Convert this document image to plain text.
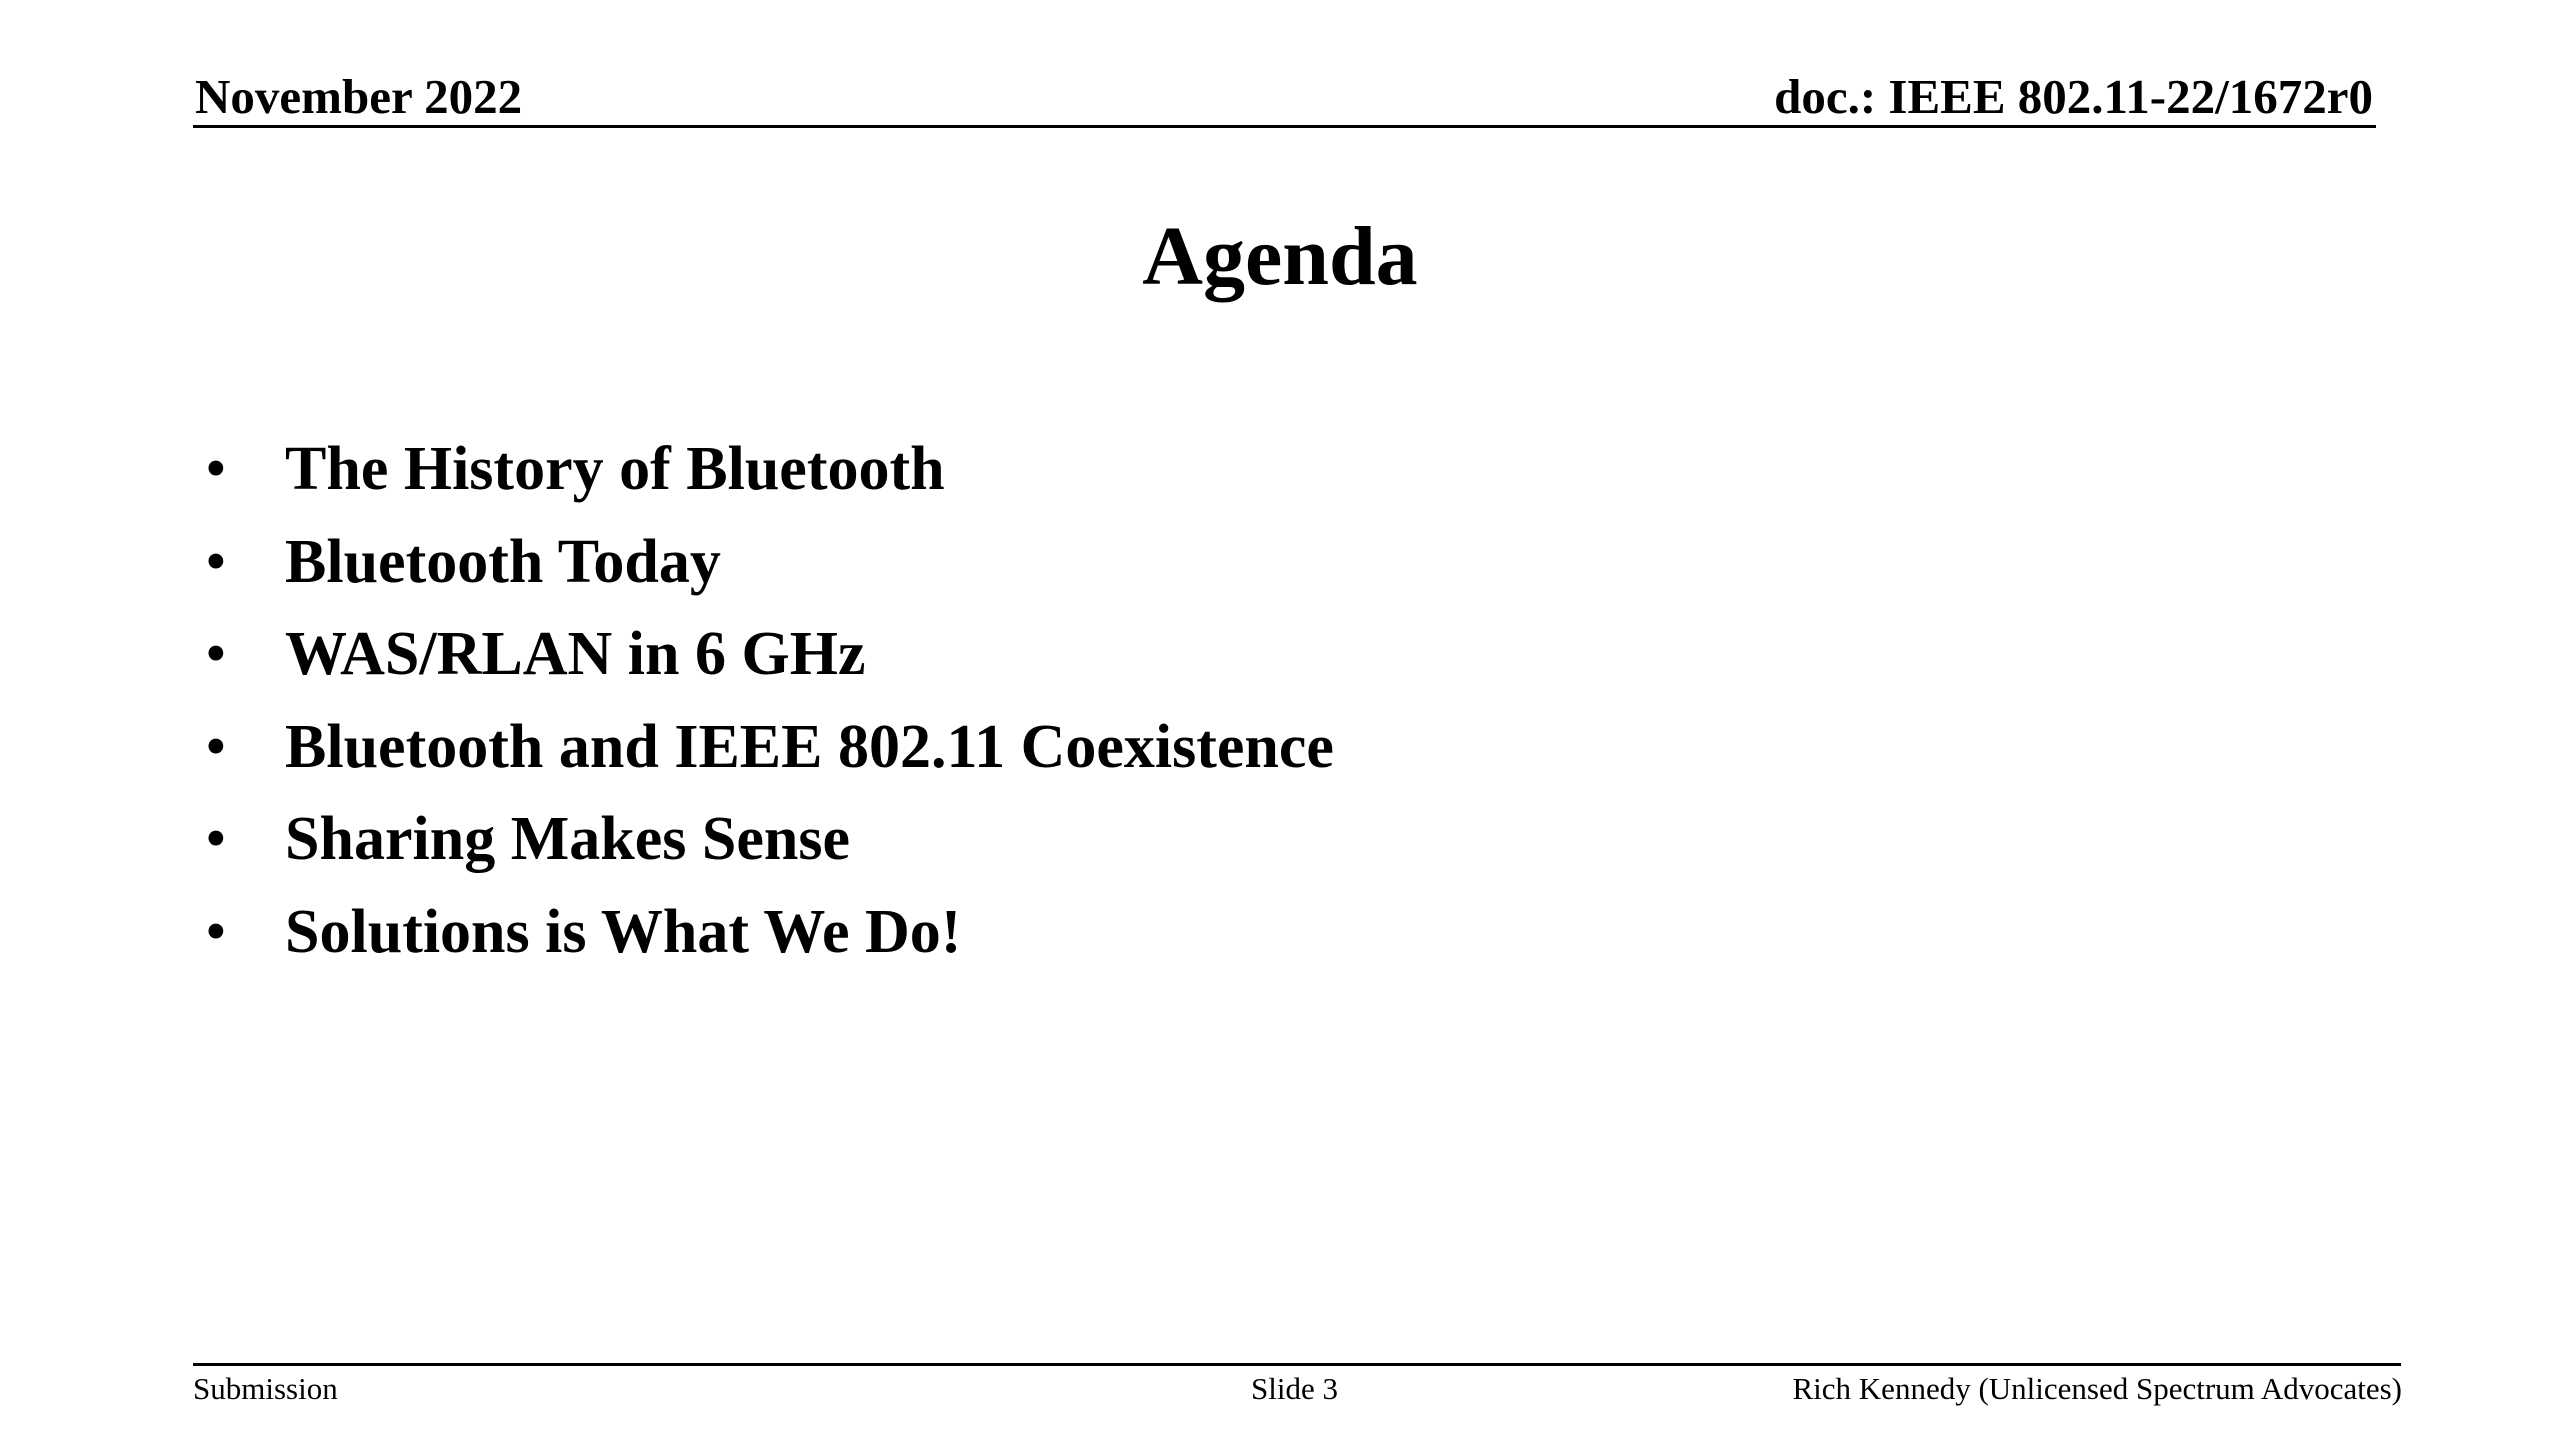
November 2022	doc.: IEEE 802.11-22/1672r0
Agenda
• The History of Bluetooth
• Bluetooth Today
• WAS/RLAN in 6 GHz
• Bluetooth and IEEE 802.11 Coexistence
• Sharing Makes Sense
• Solutions is What We Do!
Submission	Slide 3	Rich Kennedy (Unlicensed Spectrum Advocates)
